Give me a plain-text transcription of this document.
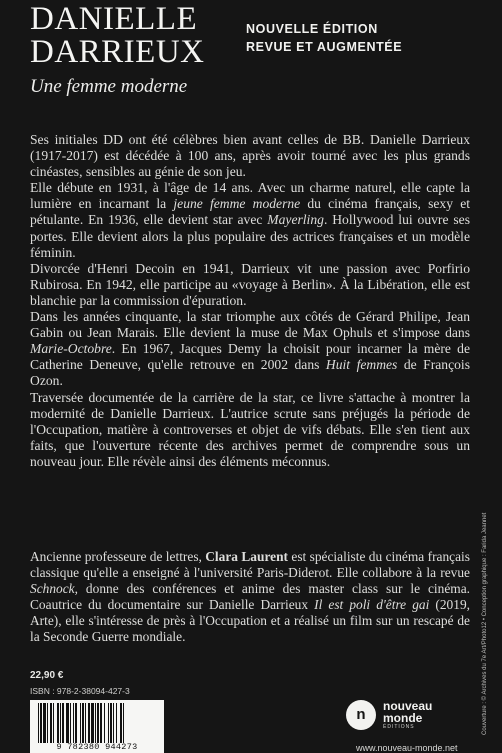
DANIELLE
DARRIEUX
NOUVELLE ÉDITION
REVUE ET AUGMENTÉE
Une femme moderne

Ses initiales DD ont été célèbres bien avant celles de BB. Danielle Darrieux (1917-2017) est décédée à 100 ans, après avoir tourné avec les plus grands cinéastes, sensibles au génie de son jeu.

Elle débute en 1931, à l'âge de 14 ans. Avec un charme naturel, elle capte la lumière en incarnant la jeune femme moderne du cinéma français, sexy et pétulante. En 1936, elle devient star avec Mayerling. Hollywood lui ouvre ses portes. Elle devient alors la plus populaire des actrices françaises et un modèle féminin.

Divorcée d'Henri Decoin en 1941, Darrieux vit une passion avec Porfirio Rubirosa. En 1942, elle participe au «voyage à Berlin». À la Libération, elle est blanchie par la commission d'épuration.

Dans les années cinquante, la star triomphe aux côtés de Gérard Philipe, Jean Gabin ou Jean Marais. Elle devient la muse de Max Ophuls et s'impose dans Marie-Octobre. En 1967, Jacques Demy la choisit pour incarner la mère de Catherine Deneuve, qu'elle retrouve en 2002 dans Huit femmes de François Ozon.

Traversée documentée de la carrière de la star, ce livre s'attache à montrer la modernité de Danielle Darrieux. L'autrice scrute sans préjugés la période de l'Occupation, matière à controverses et objet de vifs débats. Elle s'en tient aux faits, que l'ouverture récente des archives permet de comprendre sous un nouveau jour. Elle révèle ainsi des éléments méconnus.

Ancienne professeure de lettres, Clara Laurent est spécialiste du cinéma français classique qu'elle a enseigné à l'université Paris-Diderot. Elle collabore à la revue Schnock, donne des conférences et anime des master class sur le cinéma. Coautrice du documentaire sur Danielle Darrieux Il est poli d'être gai (2019, Arte), elle s'intéresse de près à l'Occupation et a réalisé un film sur un rescapé de la Seconde Guerre mondiale.

22,90 €
ISBN : 978-2-38094-427-3
9 782380 944273
n	nouveau
monde
ÉDITIONS
www.nouveau-monde.net
Couverture : © Archives du 7e Art/Photo12 • Conception graphique : Farida Jeannet
